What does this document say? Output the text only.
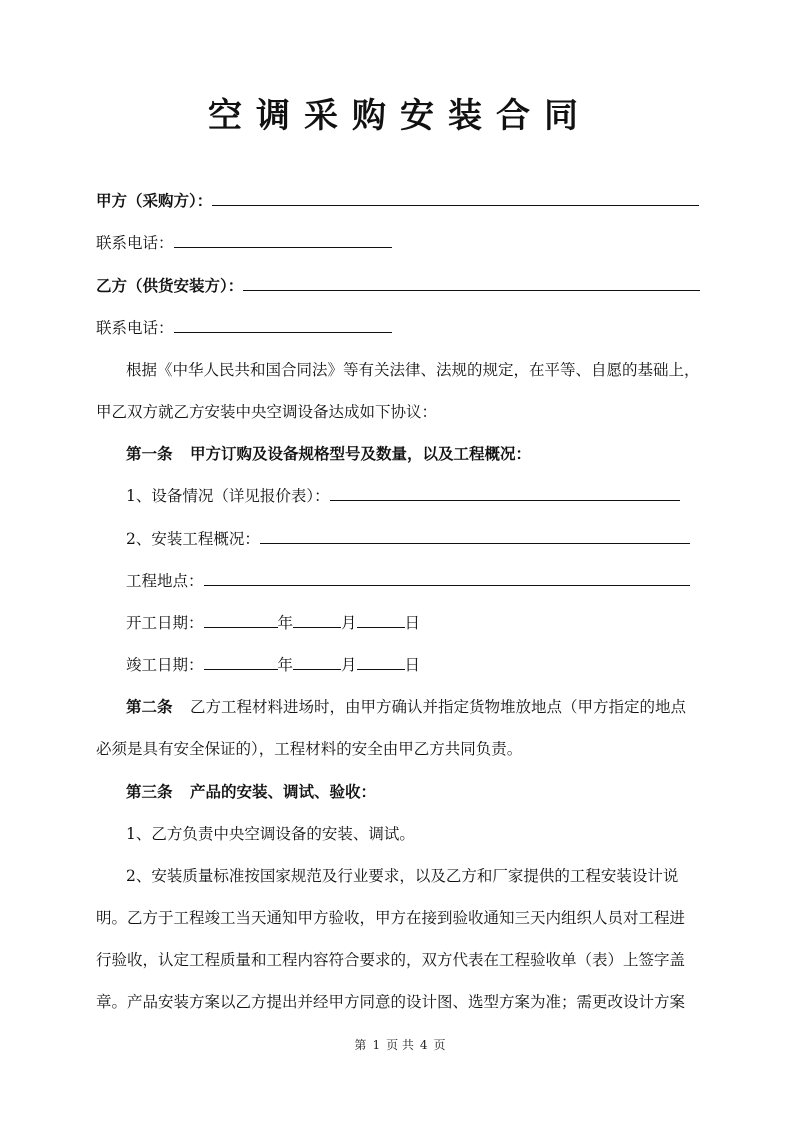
空调采购安装合同
甲方（采购方）：
联系电话：
乙方（供货安装方）：
联系电话：
根据《中华人民共和国合同法》等有关法律、法规的规定，在平等、自愿的基础上，
甲乙双方就乙方安装中央空调设备达成如下协议：
第一条 甲方订购及设备规格型号及数量，以及工程概况：
1、设备情况（详见报价表）：
2、安装工程概况：
工程地点：
开工日期：	年	月	日
竣工日期：	年	月	日
第二条 乙方工程材料进场时，由甲方确认并指定货物堆放地点（甲方指定的地点
必须是具有安全保证的），工程材料的安全由甲乙方共同负责。
第三条 产品的安装、调试、验收：
1、乙方负责中央空调设备的安装、调试。
2、安装质量标准按国家规范及行业要求，以及乙方和厂家提供的工程安装设计说
明。乙方于工程竣工当天通知甲方验收，甲方在接到验收通知三天内组织人员对工程进
行验收，认定工程质量和工程内容符合要求的，双方代表在工程验收单（表）上签字盖
章。产品安装方案以乙方提出并经甲方同意的设计图、选型方案为准；需更改设计方案
第 1 页 共 4 页
